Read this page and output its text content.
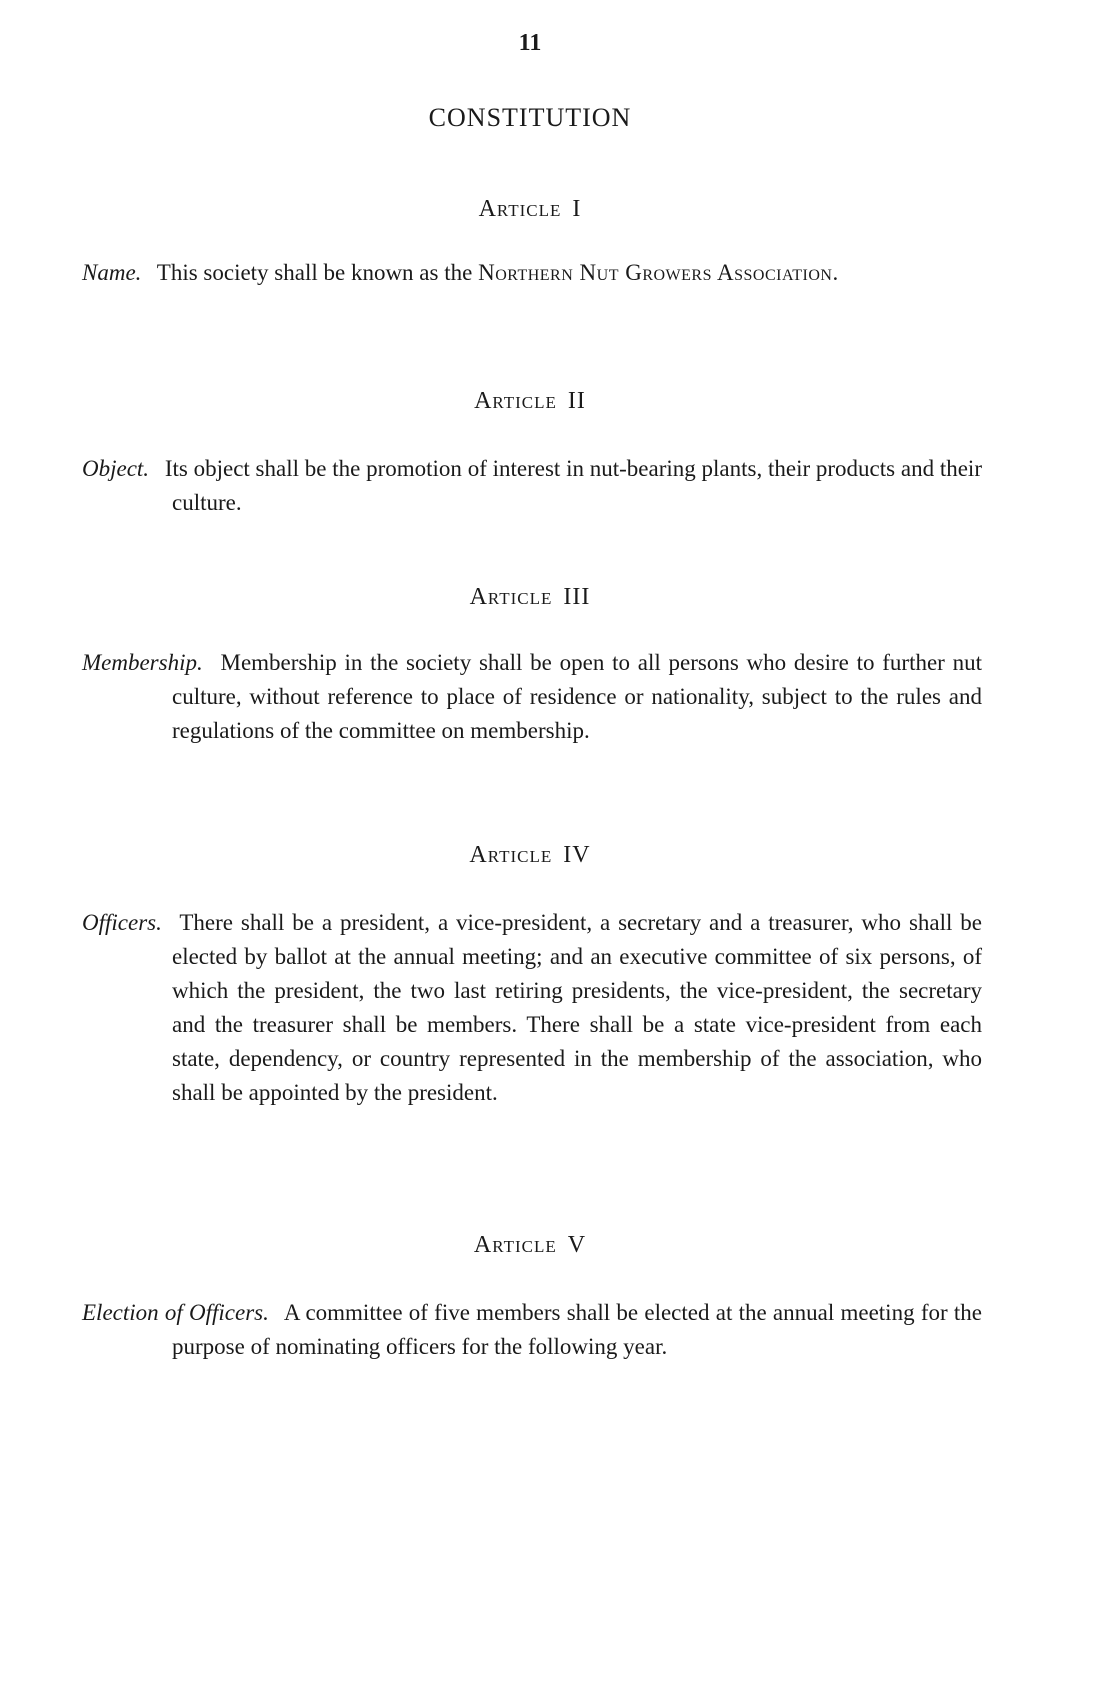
11
CONSTITUTION
Article I
Name. This society shall be known as the Northern Nut Growers Association.
Article II
Object. Its object shall be the promotion of interest in nut-bearing plants, their products and their culture.
Article III
Membership. Membership in the society shall be open to all persons who desire to further nut culture, without reference to place of residence or nationality, subject to the rules and regulations of the committee on membership.
Article IV
Officers. There shall be a president, a vice-president, a secretary and a treasurer, who shall be elected by ballot at the annual meeting; and an executive committee of six persons, of which the president, the two last retiring presidents, the vice-president, the secretary and the treasurer shall be members. There shall be a state vice-president from each state, dependency, or country represented in the membership of the association, who shall be appointed by the president.
Article V
Election of Officers. A committee of five members shall be elected at the annual meeting for the purpose of nominating officers for the following year.
